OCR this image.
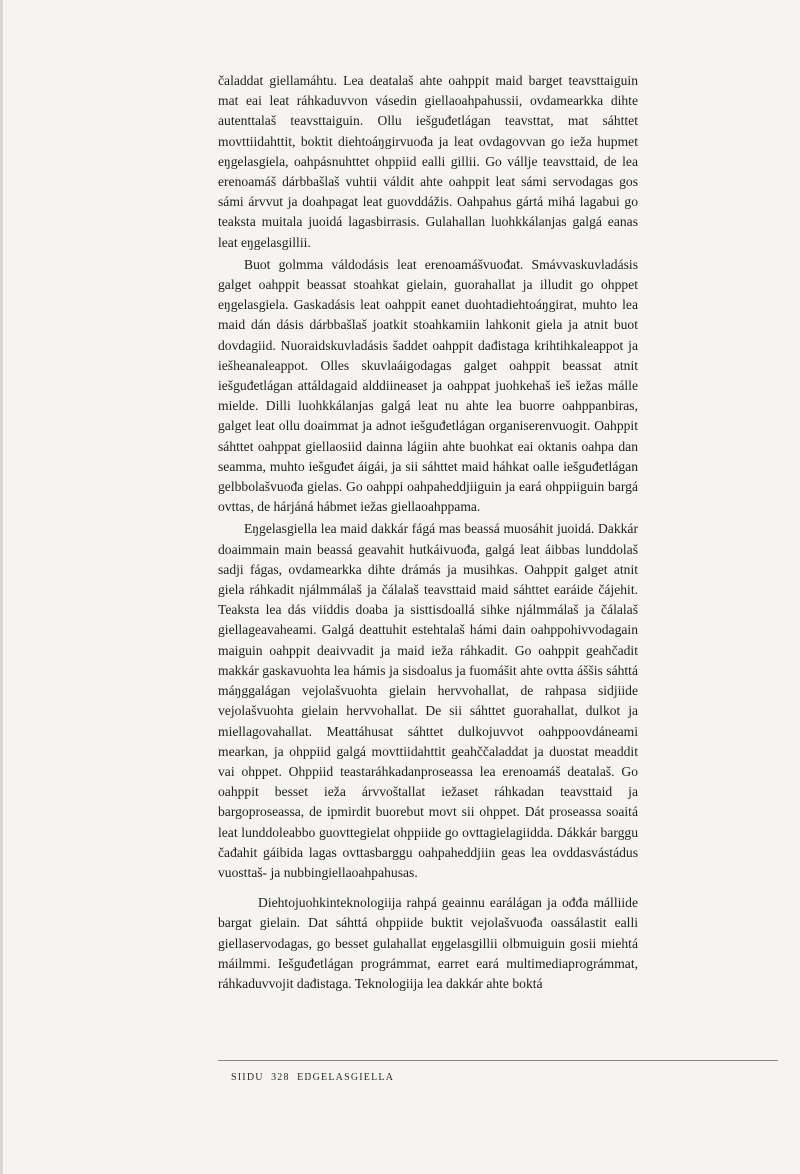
čaladdat giellamáhtu. Lea deatalaš ahte oahppit maid barget teavsttaiguin mat eai leat ráhkaduvvon vásedin giellaoahpahussii, ovdamearkka dihte autenttalaš teavsttaiguin. Ollu iešguđetlágan teavsttat, mat sáhttet movttiidahttit, boktit diehtoáŋgirvuođa ja leat ovdagovvan go ieža hupmet eŋgelasgiela, oahpásnuhttet ohppiid ealli gillii. Go vállje teavsttaid, de lea erenoamáš dárbbašlaš vuhtii váldit ahte oahppit leat sámi servodagas gos sámi árvvut ja doahpagat leat guovddážis. Oahpahus gártá mihá lagabui go teaksta muitala juoidá lagasbirrasis. Gulahallan luohkkálanjas galgá eanas leat eŋgelasgillii.

Buot golmma váldodásis leat erenoamášvuođat. Smávvaskuvladásis galget oahppit beassat stoahkat gielain, guorahallat ja illudit go ohppet eŋgelasgiela. Gaskadásis leat oahppit eanet duohtadiehtoáŋgirat, muhto lea maid dán dásis dárbbašlaš joatkit stoahkamiin lahkonit giela ja atnit buot dovdagiid. Nuoraidskuvladásis šaddet oahppit dađistaga krihtihkaleappot ja iešheanaleappot. Olles skuvlaáigodagas galget oahppit beassat atnit iešguđetlágan attáldagaid alddiineaset ja oahppat juohkehaš ieš iežas málle mielde. Dilli luohkkálanjas galgá leat nu ahte lea buorre oahppanbiras, galget leat ollu doaimmat ja adnot iešguđetlágan organiserenvuogit. Oahppit sáhttet oahppat giellaosiid dainna lágiin ahte buohkat eai oktanis oahpa dan seamma, muhto iešguđet áigái, ja sii sáhttet maid háhkat oalle iešguđetlágan gelbbolašvuođa gielas. Go oahppi oahpaheddjiiguin ja eará ohppiiguin bargá ovttas, de hárjáná hábmet iežas giellaoahppama.

Eŋgelasgiella lea maid dakkár fágá mas beassá muosáhit juoidá. Dakkár doaimmain main beassá geavahit hutkáivuođa, galgá leat áibbas lunddolaš sadji fágas, ovdamearkka dihte drámás ja musihkas. Oahppit galget atnit giela ráhkadit njálmmálaš ja čálalaš teavsttaid maid sáhttet earáide čájehit. Teaksta lea dás viiddis doaba ja sisttisdoallá sihke njálmmálaš ja čálalaš giellageavaheami. Galgá deattuhit estehtalaš hámi dain oahppohivvodagain maiguin oahppit deaivvadit ja maid ieža ráhkadit. Go oahppit geahčadit makkár gaskavuohta lea hámis ja sisdoalus ja fuomášit ahte ovtta áššis sáhttá máŋggalágan vejolašvuohta gielain hervvohallat, de rahpasa sidjiide vejolašvuohta gielain hervvohallat. De sii sáhttet guorahallat, dulkot ja miellagovahallat. Meattáhusat sáhttet dulkojuvvot oahppoovdáneami mearkan, ja ohppiid galgá movttiidahttit geahččaladdat ja duostat meaddit vai ohppet. Ohppiid teastaráhkadanproseassa lea erenoamáš deatalaš. Go oahppit besset ieža árvvoštallat iežaset ráhkadan teavsttaid ja bargoproseassa, de ipmirdit buorebut movt sii ohppet. Dát proseassa soaitá leat lunddoleabbo guovttegielat ohppiide go ovttagielagiidda. Dákkár barggu čađahit gáibida lagas ovttasbarggu oahpaheddjiin geas lea ovddasvástádus vuosttaš- ja nubbingiellaoahpahusas.

Diehtojuohkinteknologiija rahpá geainnu earálágan ja ođđa málliide bargat gielain. Dat sáhttá ohppiide buktit vejolašvuođa oassálastit ealli giellaservodagas, go besset gulahallat eŋgelasgillii olbmuiguin gosii miehtá máilmmi. Iešguđetlágan prográmmat, earret eará multimediaprográmmat, ráhkaduvvojit dađistaga. Teknologiija lea dakkár ahte boktá

SIIDU 328 EŊGELASGIELLA
